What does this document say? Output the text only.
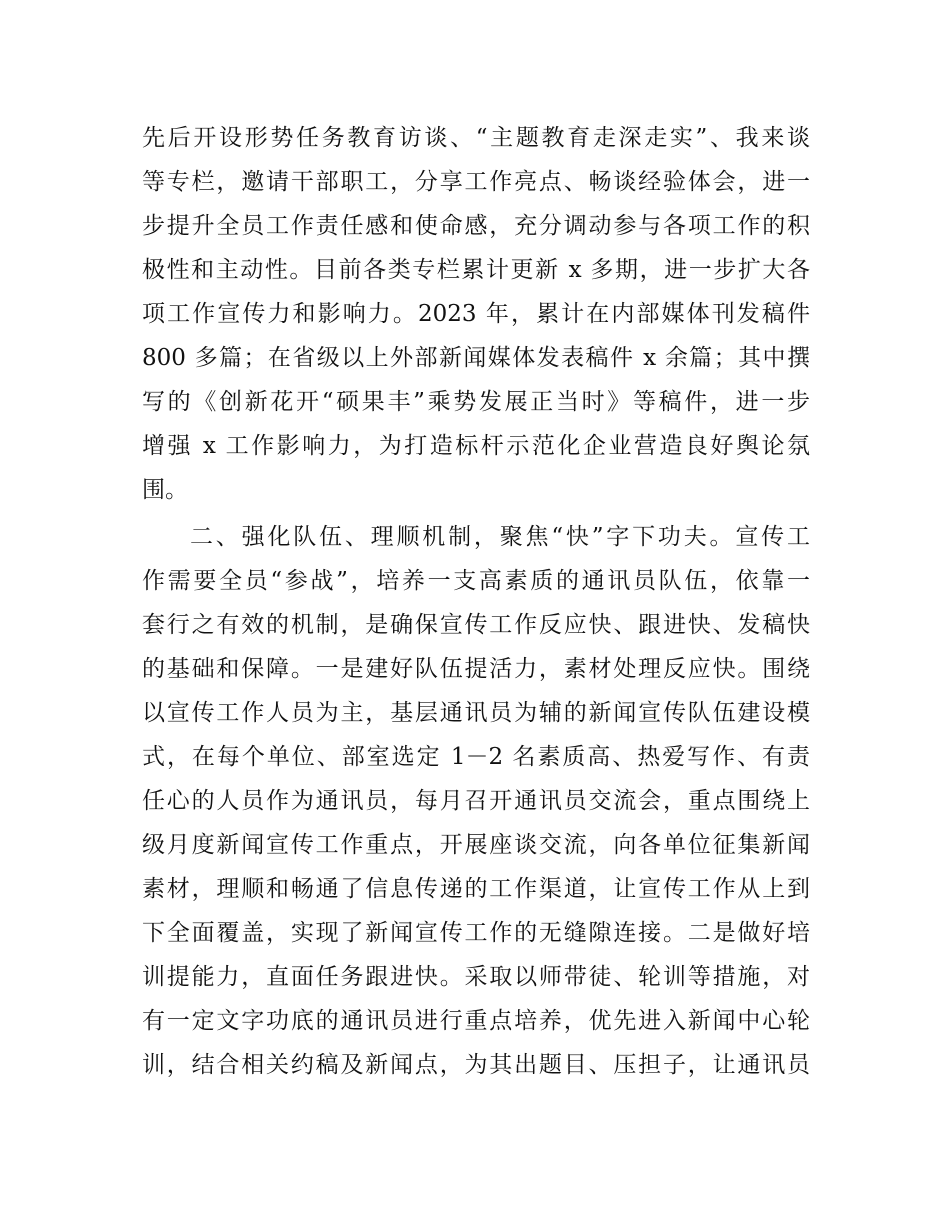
先后开设形势任务教育访谈、“主题教育走深走实”、我来谈

等专栏，邀请干部职工，分享工作亮点、畅谈经验体会，进一

步提升全员工作责任感和使命感，充分调动参与各项工作的积

极性和主动性。目前各类专栏累计更新 x 多期，进一步扩大各

项工作宣传力和影响力。2023 年，累计在内部媒体刊发稿件

800 多篇；在省级以上外部新闻媒体发表稿件 x 余篇；其中撰

写的《创新花开“硕果丰”乘势发展正当时》等稿件，进一步

增强 x 工作影响力，为打造标杆示范化企业营造良好舆论氛

围。

二、强化队伍、理顺机制，聚焦“快”字下功夫。宣传工

作需要全员“参战”，培养一支高素质的通讯员队伍，依靠一

套行之有效的机制，是确保宣传工作反应快、跟进快、发稿快

的基础和保障。一是建好队伍提活力，素材处理反应快。围绕

以宣传工作人员为主，基层通讯员为辅的新闻宣传队伍建设模

式，在每个单位、部室选定 1－2 名素质高、热爱写作、有责

任心的人员作为通讯员，每月召开通讯员交流会，重点围绕上

级月度新闻宣传工作重点，开展座谈交流，向各单位征集新闻

素材，理顺和畅通了信息传递的工作渠道，让宣传工作从上到

下全面覆盖，实现了新闻宣传工作的无缝隙连接。二是做好培

训提能力，直面任务跟进快。采取以师带徒、轮训等措施，对

有一定文字功底的通讯员进行重点培养，优先进入新闻中心轮

训，结合相关约稿及新闻点，为其出题目、压担子，让通讯员
